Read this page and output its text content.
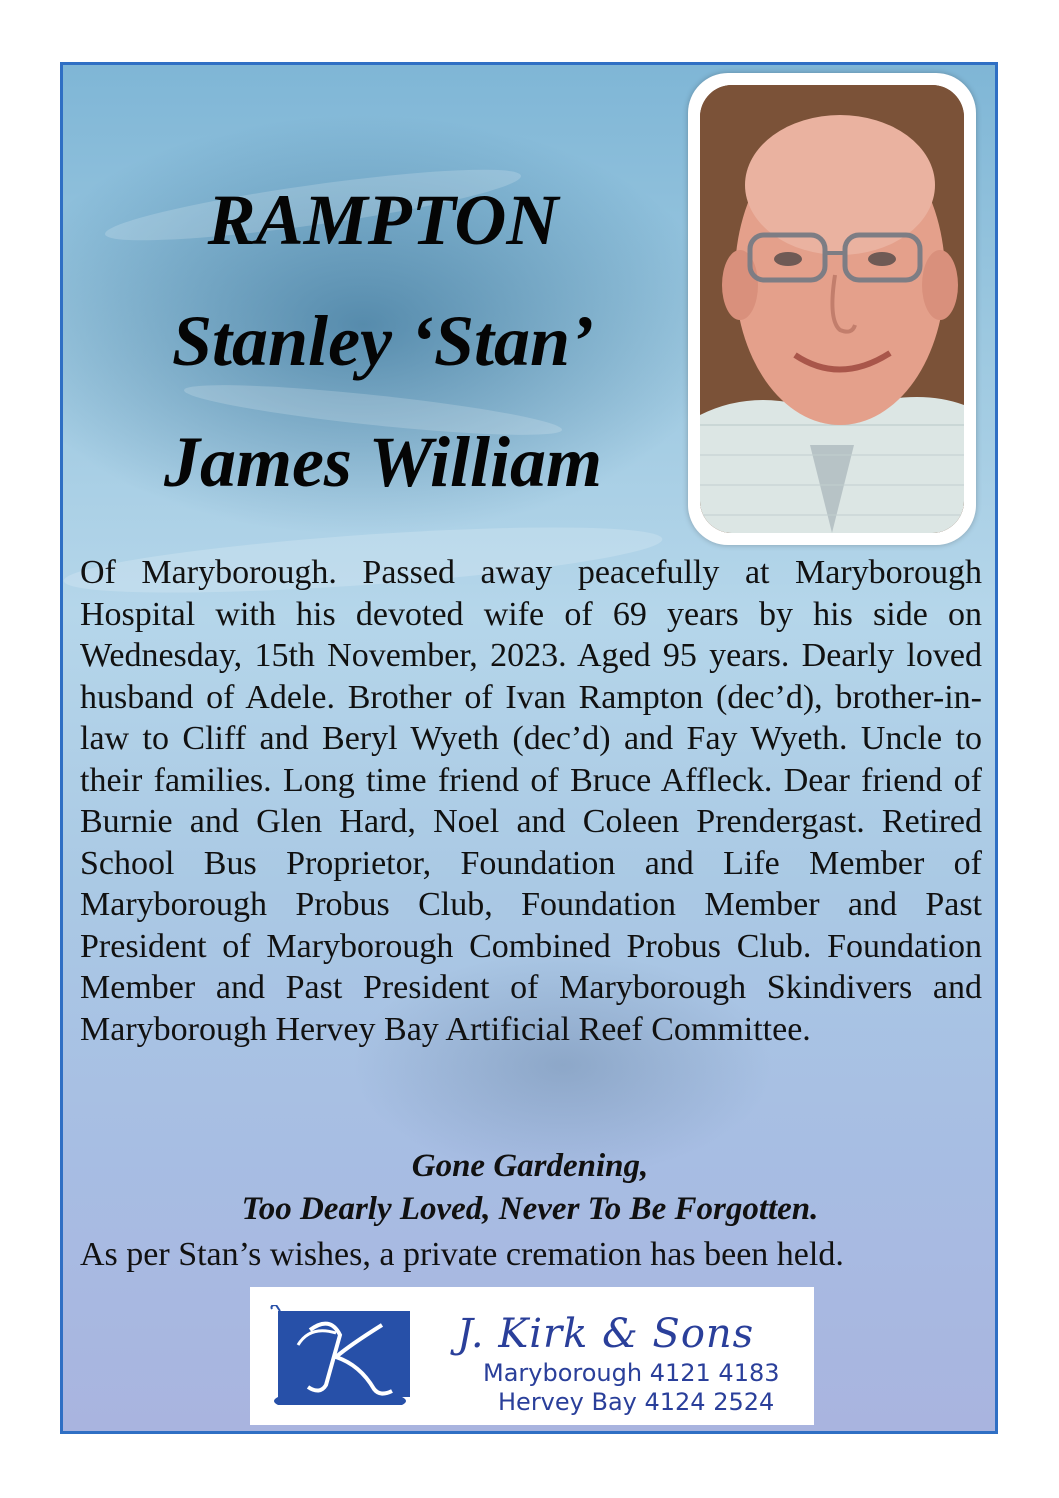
RAMPTON
Stanley ‘Stan’
James William
Of Maryborough. Passed away peacefully at Maryborough Hospital with his devoted wife of 69 years by his side on Wednesday, 15th November, 2023. Aged 95 years. Dearly loved husband of Adele. Brother of Ivan Rampton (dec’d), brother-in-law to Cliff and Beryl Wyeth (dec’d) and Fay Wyeth. Uncle to their families. Long time friend of Bruce Affleck. Dear friend of Burnie and Glen Hard, Noel and Coleen Prendergast. Retired School Bus Proprietor, Foundation and Life Member of Maryborough Probus Club, Foundation Member and Past President of Maryborough Combined Probus Club. Foundation Member and Past President of Maryborough Skindivers and Maryborough Hervey Bay Artificial Reef Committee.
Gone Gardening,
Too Dearly Loved, Never To Be Forgotten.
As per Stan’s wishes, a private cremation has been held.
J. Kirk & Sons
Maryborough 4121 4183
Hervey Bay 4124 2524
